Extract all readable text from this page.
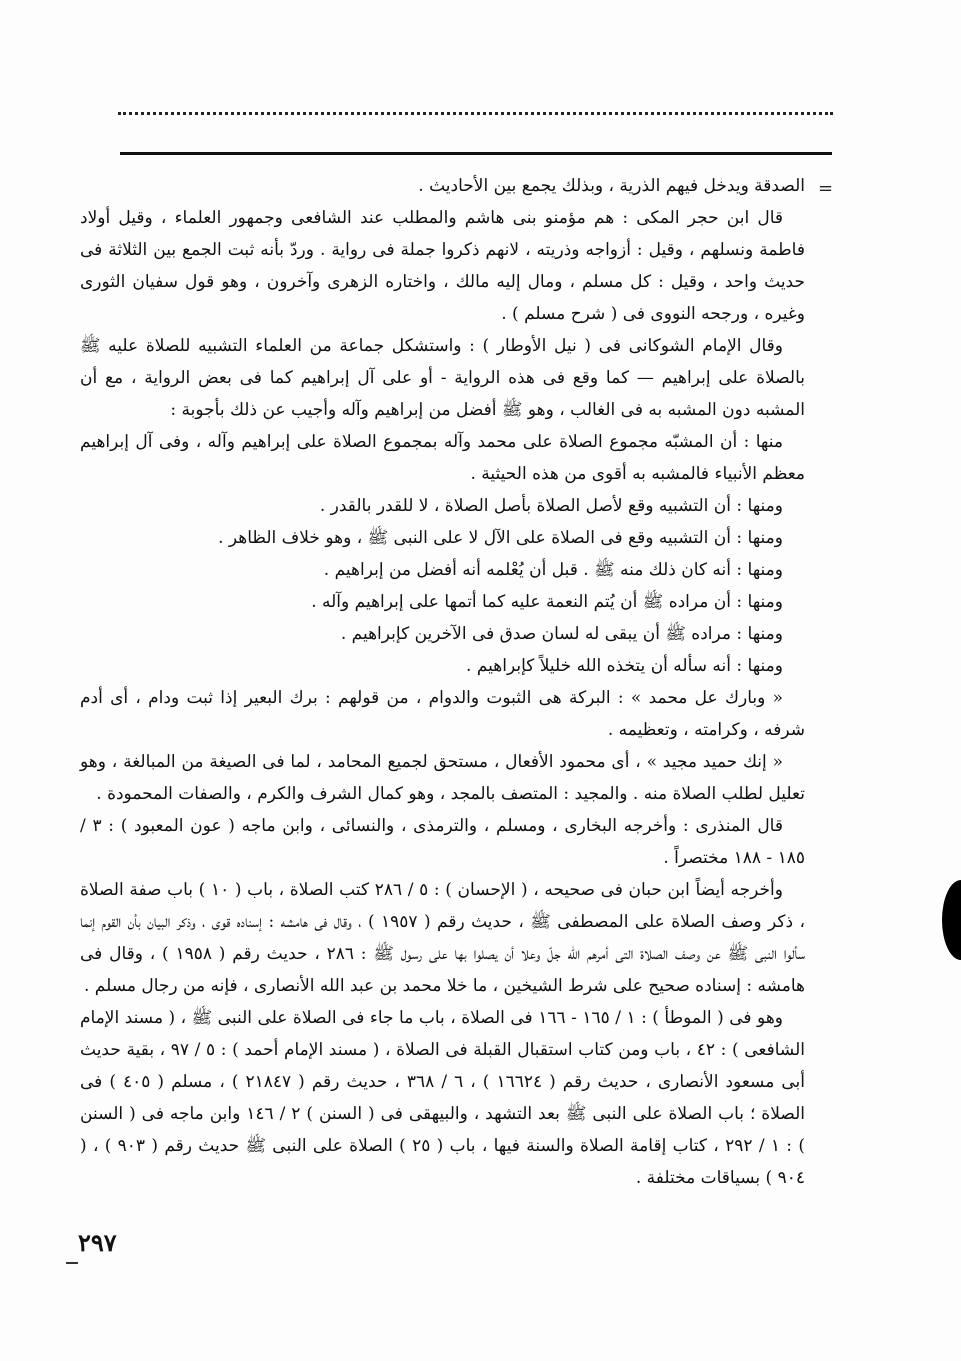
=

الصدقة ويدخل فيهم الذرية ، وبذلك يجمع بين الأحاديث .

قال ابن حجر المكى : هم مؤمنو بنى هاشم والمطلب عند الشافعى وجمهور العلماء ، وقيل أولاد فاطمة ونسلهم ، وقيل : أزواجه وذريته ، لانهم ذكروا جملة فى رواية . وردّ بأنه ثبت الجمع بين الثلاثة فى حديث واحد ، وقيل : كل مسلم ، ومال إليه مالك ، واختاره الزهرى وآخرون ، وهو قول سفيان الثورى وغيره ، ورجحه النووى فى ( شرح مسلم ) .

وقال الإمام الشوكانى فى ( نيل الأوطار ) : واستشكل جماعة من العلماء التشبيه للصلاة عليه ﷺ بالصلاة على إبراهيم — كما وقع فى هذه الرواية - أو على آل إبراهيم كما فى بعض الرواية ، مع أن المشبه دون المشبه به فى الغالب ، وهو ﷺ أفضل من إبراهيم وآله وأجيب عن ذلك بأجوبة :

منها : أن المشبّه مجموع الصلاة على محمد وآله بمجموع الصلاة على إبراهيم وآله ، وفى آل إبراهيم معظم الأنبياء فالمشبه به أقوى من هذه الحيثية .

ومنها : أن التشبيه وقع لأصل الصلاة بأصل الصلاة ، لا للقدر بالقدر .

ومنها : أن التشبيه وقع فى الصلاة على الآل لا على النبى ﷺ ، وهو خلاف الظاهر .

ومنها : أنه كان ذلك منه ﷺ . قبل أن يُعْلمه أنه أفضل من إبراهيم .

ومنها : أن مراده ﷺ أن يُتم النعمة عليه كما أتمها على إبراهيم وآله .

ومنها : مراده ﷺ أن يبقى له لسان صدق فى الآخرين كإبراهيم .

ومنها : أنه سأله أن يتخذه الله خليلاً كإبراهيم .

« وبارك عل محمد » : البركة هى الثبوت والدوام ، من قولهم : برك البعير إذا ثبت ودام ، أى أدم شرفه ، وكرامته ، وتعظيمه .

« إنك حميد مجيد » ، أى محمود الأفعال ، مستحق لجميع المحامد ، لما فى الصيغة من المبالغة ، وهو تعليل لطلب الصلاة منه . والمجيد : المتصف بالمجد ، وهو كمال الشرف والكرم ، والصفات المحمودة .

قال المنذرى : وأخرجه البخارى ، ومسلم ، والترمذى ، والنسائى ، وابن ماجه ( عون المعبود ) : ٣ / ١٨٥ - ١٨٨ مختصراً .

وأخرجه أيضاً ابن حبان فى صحيحه ، ( الإحسان ) : ٥ / ٢٨٦ كتب الصلاة ، باب ( ١٠ ) باب صفة الصلاة ، ذكر وصف الصلاة على المصطفى ﷺ ، حديث رقم ( ١٩٥٧ ) ، وقال فى هامشه : إسناده قوى ، وذكر البيان بأن القوم إنما سألوا النبى ﷺ عن وصف الصلاة التى أمرهم الله جلّ وعلا أن يصلوا بها على رسول ﷺ : ٢٨٦ ، حديث رقم ( ١٩٥٨ ) ، وقال فى هامشه : إسناده صحيح على شرط الشيخين ، ما خلا محمد بن عبد الله الأنصارى ، فإنه من رجال مسلم .

وهو فى ( الموطأ ) : ١ / ١٦٥ - ١٦٦ فى الصلاة ، باب ما جاء فى الصلاة على النبى ﷺ ، ( مسند الإمام الشافعى ) : ٤٢ ، باب ومن كتاب استقبال القبلة فى الصلاة ، ( مسند الإمام أحمد ) : ٥ / ٩٧ ، بقية حديث أبى مسعود الأنصارى ، حديث رقم ( ١٦٦٢٤ ) ، ٦ / ٣٦٨ ، حديث رقم ( ٢١٨٤٧ ) ، مسلم ( ٤٠٥ ) فى الصلاة ؛ باب الصلاة على النبى ﷺ بعد التشهد ، والبيهقى فى ( السنن ) ٢ / ١٤٦ وابن ماجه فى ( السنن ) : ١ / ٢٩٢ ، كتاب إقامة الصلاة والسنة فيها ، باب ( ٢٥ ) الصلاة على النبى ﷺ حديث رقم ( ٩٠٣ ) ، ( ٩٠٤ ) بسياقات مختلفة .

٢٩٧
